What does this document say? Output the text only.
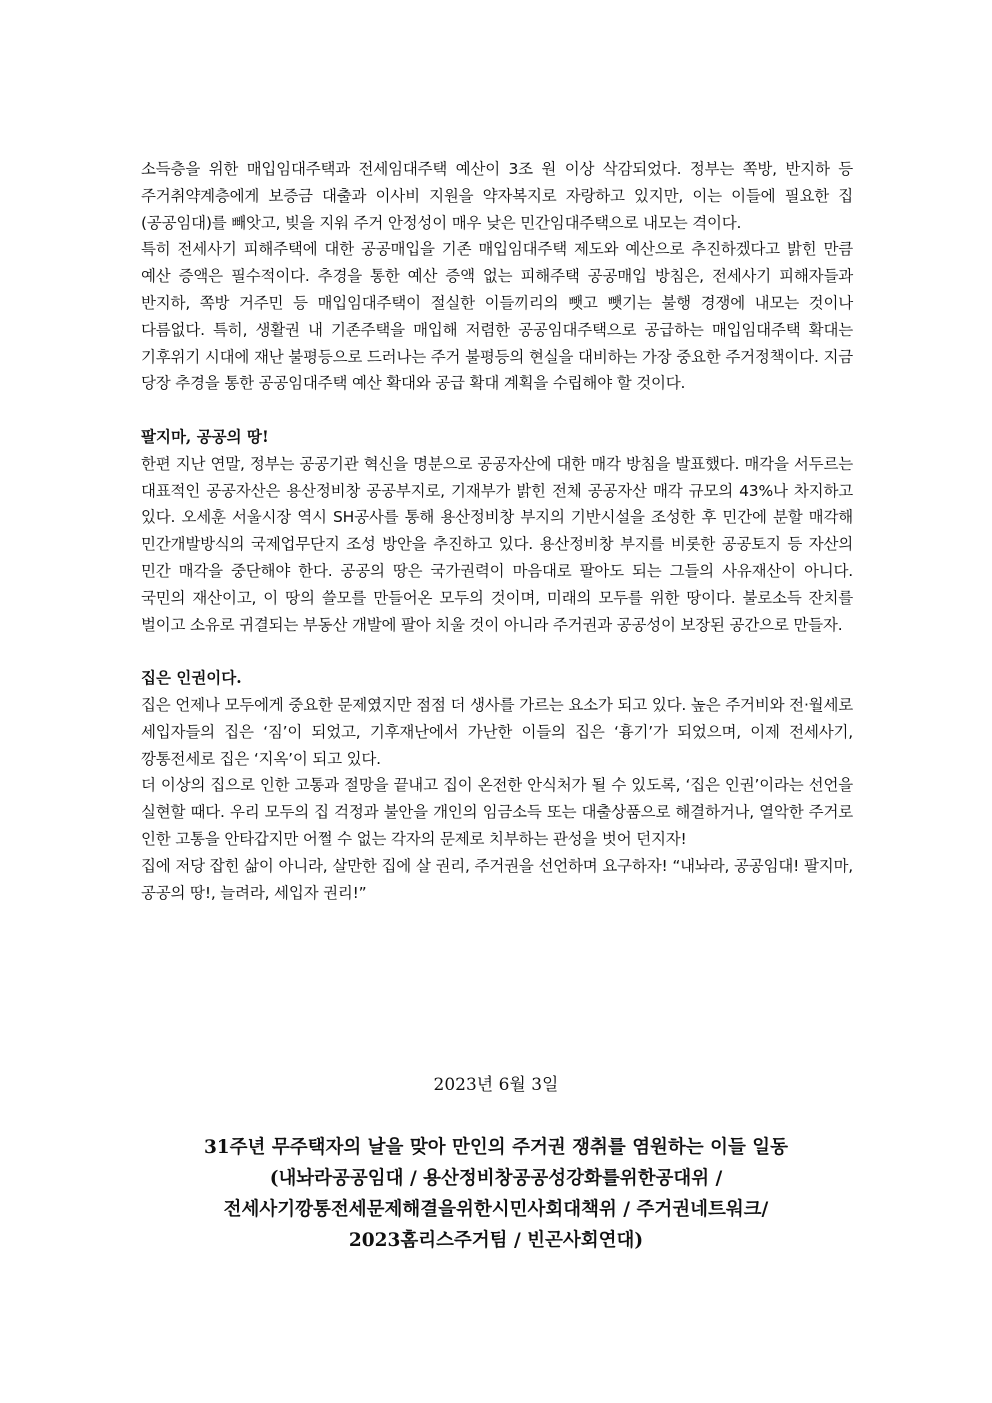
소득층을 위한 매입임대주택과 전세임대주택 예산이 3조 원 이상 삭감되었다. 정부는 쪽방, 반지하 등 주거취약계층에게 보증금 대출과 이사비 지원을 약자복지로 자랑하고 있지만, 이는 이들에 필요한 집(공공임대)를 빼앗고, 빚을 지워 주거 안정성이 매우 낮은 민간임대주택으로 내모는 격이다.

특히 전세사기 피해주택에 대한 공공매입을 기존 매입임대주택 제도와 예산으로 추진하겠다고 밝힌 만큼 예산 증액은 필수적이다. 추경을 통한 예산 증액 없는 피해주택 공공매입 방침은, 전세사기 피해자들과 반지하, 쪽방 거주민 등 매입임대주택이 절실한 이들끼리의 뺏고 뺏기는 불행 경쟁에 내모는 것이나 다름없다. 특히, 생활권 내 기존주택을 매입해 저렴한 공공임대주택으로 공급하는 매입임대주택 확대는 기후위기 시대에 재난 불평등으로 드러나는 주거 불평등의 현실을 대비하는 가장 중요한 주거정책이다. 지금 당장 추경을 통한 공공임대주택 예산 확대와 공급 확대 계획을 수립해야 할 것이다.

팔지마, 공공의 땅!

한편 지난 연말, 정부는 공공기관 혁신을 명분으로 공공자산에 대한 매각 방침을 발표했다. 매각을 서두르는 대표적인 공공자산은 용산정비창 공공부지로, 기재부가 밝힌 전체 공공자산 매각 규모의 43%나 차지하고 있다. 오세훈 서울시장 역시 SH공사를 통해 용산정비창 부지의 기반시설을 조성한 후 민간에 분할 매각해 민간개발방식의 국제업무단지 조성 방안을 추진하고 있다. 용산정비창 부지를 비롯한 공공토지 등 자산의 민간 매각을 중단해야 한다. 공공의 땅은 국가권력이 마음대로 팔아도 되는 그들의 사유재산이 아니다. 국민의 재산이고, 이 땅의 쓸모를 만들어온 모두의 것이며, 미래의 모두를 위한 땅이다. 불로소득 잔치를 벌이고 소유로 귀결되는 부동산 개발에 팔아 치울 것이 아니라 주거권과 공공성이 보장된 공간으로 만들자.

집은 인권이다.

집은 언제나 모두에게 중요한 문제였지만 점점 더 생사를 가르는 요소가 되고 있다. 높은 주거비와 전·월세로 세입자들의 집은 ‘짐’이 되었고, 기후재난에서 가난한 이들의 집은 ‘흉기’가 되었으며, 이제 전세사기, 깡통전세로 집은 ‘지옥’이 되고 있다.

더 이상의 집으로 인한 고통과 절망을 끝내고 집이 온전한 안식처가 될 수 있도록, ‘집은 인권’이라는 선언을 실현할 때다. 우리 모두의 집 걱정과 불안을 개인의 임금소득 또는 대출상품으로 해결하거나, 열악한 주거로 인한 고통을 안타갑지만 어쩔 수 없는 각자의 문제로 치부하는 관성을 벗어 던지자!

집에 저당 잡힌 삶이 아니라, 살만한 집에 살 권리, 주거권을 선언하며 요구하자! “내놔라, 공공임대! 팔지마, 공공의 땅!, 늘려라, 세입자 권리!”

2023년 6월 3일

31주년 무주택자의 날을 맞아 만인의 주거권 쟁취를 염원하는 이들 일동

(내놔라공공임대 / 용산정비창공공성강화를위한공대위 /

전세사기깡통전세문제해결을위한시민사회대책위 / 주거권네트워크/

2023홈리스주거팀 / 빈곤사회연대)
